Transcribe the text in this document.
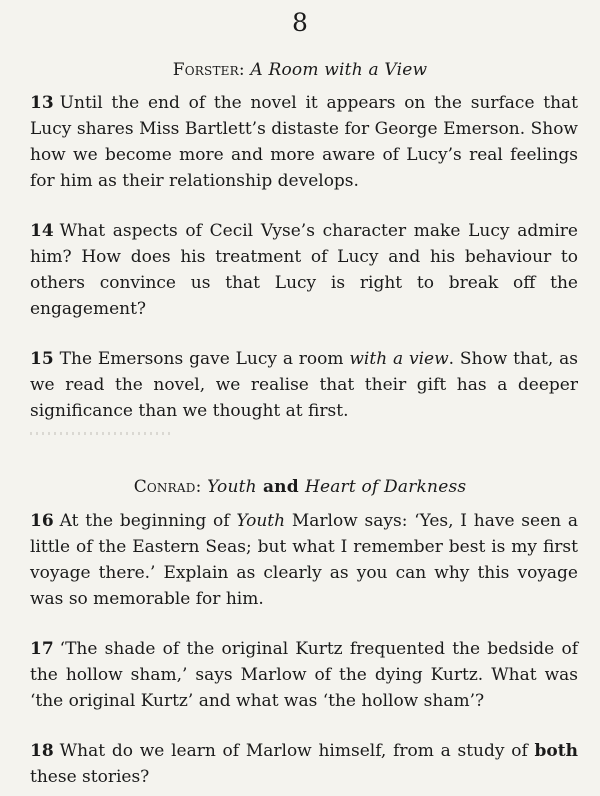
8
Forster: A Room with a View
13 Until the end of the novel it appears on the surface that Lucy shares Miss Bartlett’s distaste for George Emerson. Show how we become more and more aware of Lucy’s real feelings for him as their relationship develops.
14 What aspects of Cecil Vyse’s character make Lucy admire him? How does his treatment of Lucy and his behaviour to others convince us that Lucy is right to break off the engagement?
15 The Emersons gave Lucy a room with a view. Show that, as we read the novel, we realise that their gift has a deeper significance than we thought at first.
Conrad: Youth and Heart of Darkness
16 At the beginning of Youth Marlow says: ‘Yes, I have seen a little of the Eastern Seas; but what I remember best is my first voyage there.’ Explain as clearly as you can why this voyage was so memorable for him.
17 ‘The shade of the original Kurtz frequented the bedside of the hollow sham,’ says Marlow of the dying Kurtz. What was ‘the original Kurtz’ and what was ‘the hollow sham’?
18 What do we learn of Marlow himself, from a study of both these stories?
